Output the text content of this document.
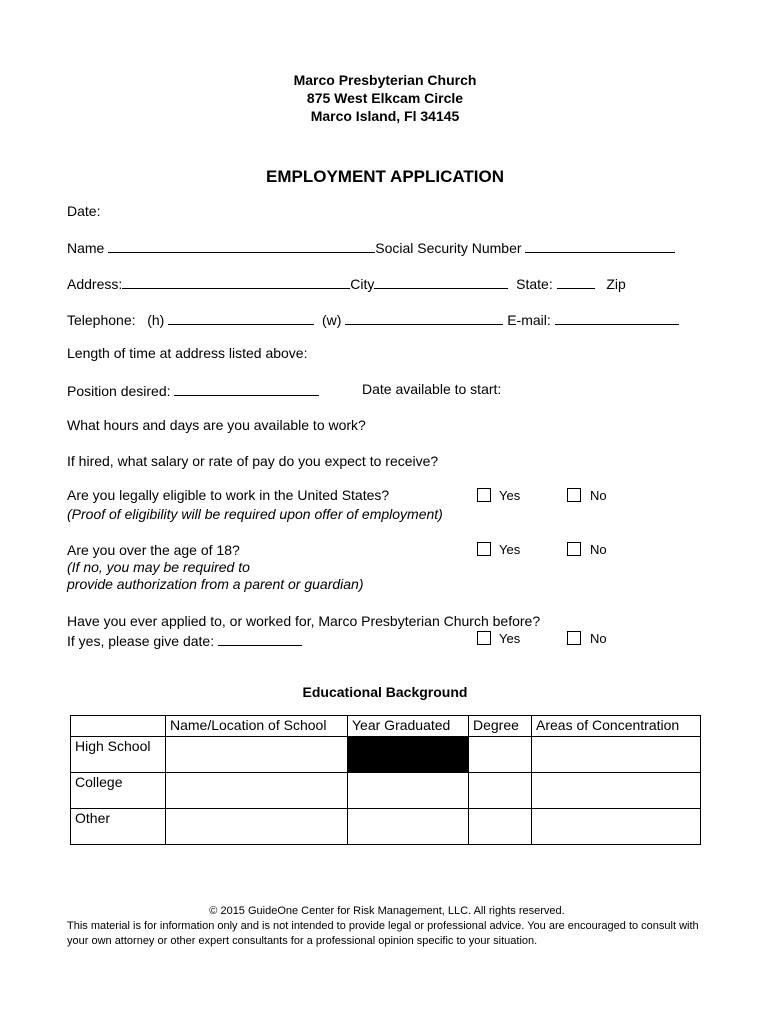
Marco Presbyterian Church
875 West Elkcam Circle
Marco Island, Fl 34145
EMPLOYMENT APPLICATION
Date:
Name	Social Security Number
Address:	City	State:	Zip
Telephone: (h)	(w)	E-mail:
Length of time at address listed above:
Position desired:	Date available to start:
What hours and days are you available to work?
If hired, what salary or rate of pay do you expect to receive?
Are you legally eligible to work in the United States?
(Proof of eligibility will be required upon offer of employment)
Yes	No
Are you over the age of 18?
(If no, you may be required to
provide authorization from a parent or guardian)
Yes	No
Have you ever applied to, or worked for, Marco Presbyterian Church before?
If yes, please give date:	Yes	No
Educational Background
	Name/Location of School	Year Graduated	Degree	Areas of Concentration
High School				
College				
Other				
© 2015 GuideOne Center for Risk Management, LLC. All rights reserved.
This material is for information only and is not intended to provide legal or professional advice. You are encouraged to consult with your own attorney or other expert consultants for a professional opinion specific to your situation.
